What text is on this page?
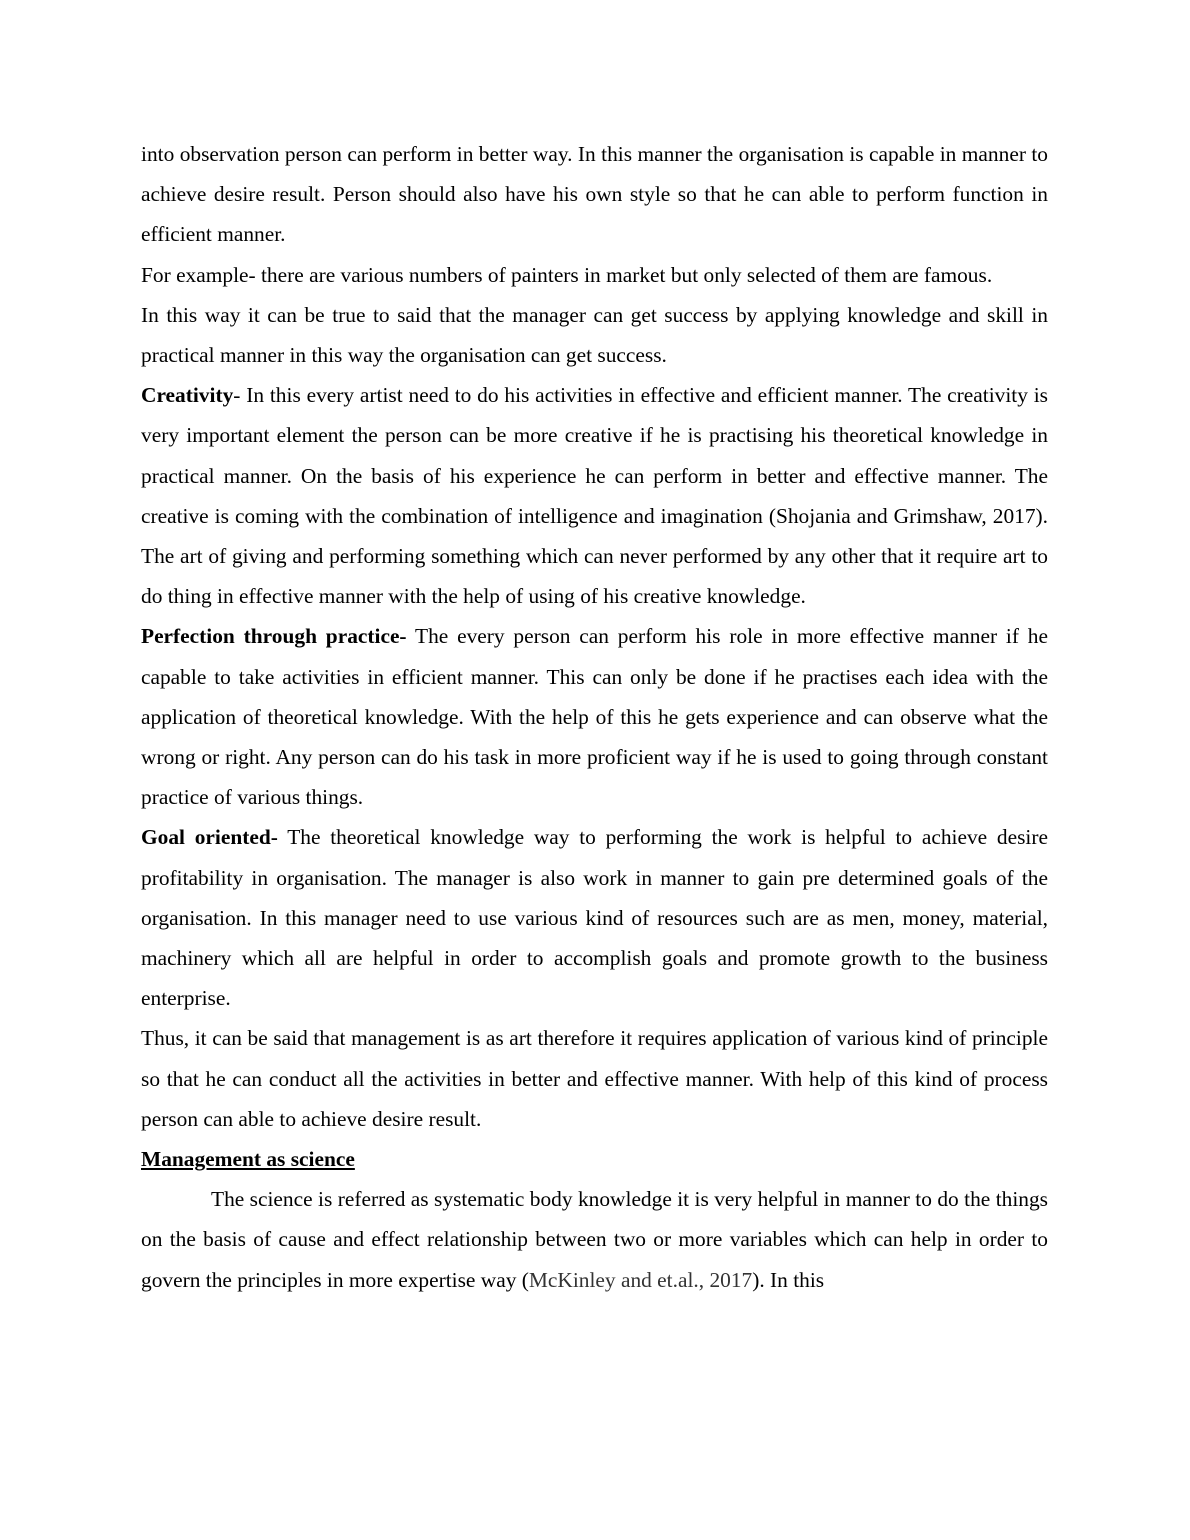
into observation person can perform in better way. In this manner the organisation is capable in manner to achieve desire result. Person should also have his own style so that he can able to perform function in efficient manner.

For example- there are various numbers of painters in market but only selected of them are famous.

In this way it can be true to said that the manager can get success by applying knowledge and skill in practical manner in this way the organisation can get success.

Creativity- In this every artist need to do his activities in effective and efficient manner. The creativity is very important element the person can be more creative if he is practising his theoretical knowledge in practical manner. On the basis of his experience he can perform in better and effective manner. The creative is coming with the combination of intelligence and imagination (Shojania and Grimshaw, 2017). The art of giving and performing something which can never performed by any other that it require art to do thing in effective manner with the help of using of his creative knowledge.

Perfection through practice- The every person can perform his role in more effective manner if he capable to take activities in efficient manner. This can only be done if he practises each idea with the application of theoretical knowledge. With the help of this he gets experience and can observe what the wrong or right. Any person can do his task in more proficient way if he is used to going through constant practice of various things.

Goal oriented- The theoretical knowledge way to performing the work is helpful to achieve desire profitability in organisation. The manager is also work in manner to gain pre determined goals of the organisation. In this manager need to use various kind of resources such are as men, money, material, machinery which all are helpful in order to accomplish goals and promote growth to the business enterprise.

Thus, it can be said that management is as art therefore it requires application of various kind of principle so that he can conduct all the activities in better and effective manner. With help of this kind of process person can able to achieve desire result.

Management as science

The science is referred as systematic body knowledge it is very helpful in manner to do the things on the basis of cause and effect relationship between two or more variables which can help in order to govern the principles in more expertise way (McKinley and et.al., 2017). In this
